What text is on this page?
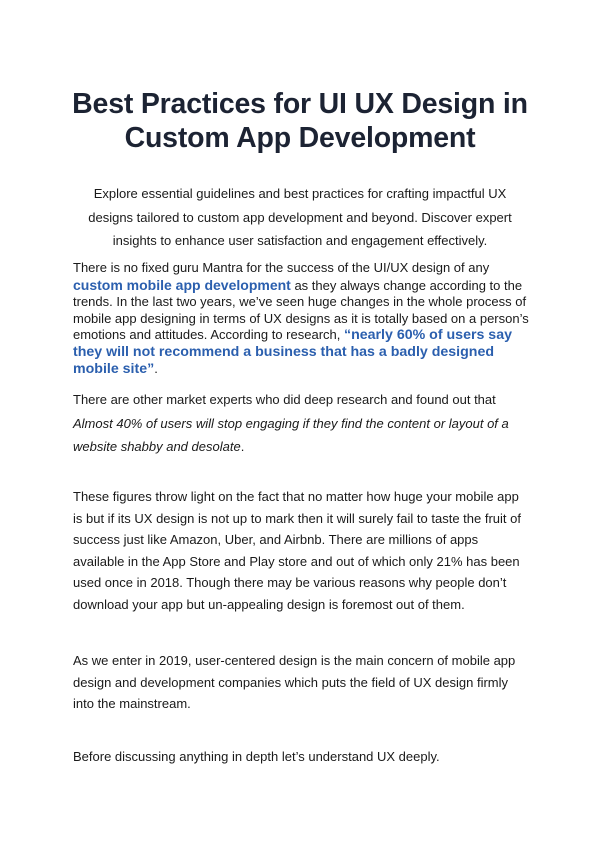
Best Practices for UI UX Design in Custom App Development

Explore essential guidelines and best practices for crafting impactful UX designs tailored to custom app development and beyond. Discover expert insights to enhance user satisfaction and engagement effectively.

There is no fixed guru Mantra for the success of the UI/UX design of any custom mobile app development as they always change according to the trends. In the last two years, we’ve seen huge changes in the whole process of mobile app designing in terms of UX designs as it is totally based on a person’s emotions and attitudes. According to research, “nearly 60% of users say they will not recommend a business that has a badly designed mobile site”.

There are other market experts who did deep research and found out that Almost 40% of users will stop engaging if they find the content or layout of a website shabby and desolate.

These figures throw light on the fact that no matter how huge your mobile app is but if its UX design is not up to mark then it will surely fail to taste the fruit of success just like Amazon, Uber, and Airbnb. There are millions of apps available in the App Store and Play store and out of which only 21% has been used once in 2018. Though there may be various reasons why people don’t download your app but un-appealing design is foremost out of them.

As we enter in 2019, user-centered design is the main concern of mobile app design and development companies which puts the field of UX design firmly into the mainstream.

Before discussing anything in depth let’s understand UX deeply.
